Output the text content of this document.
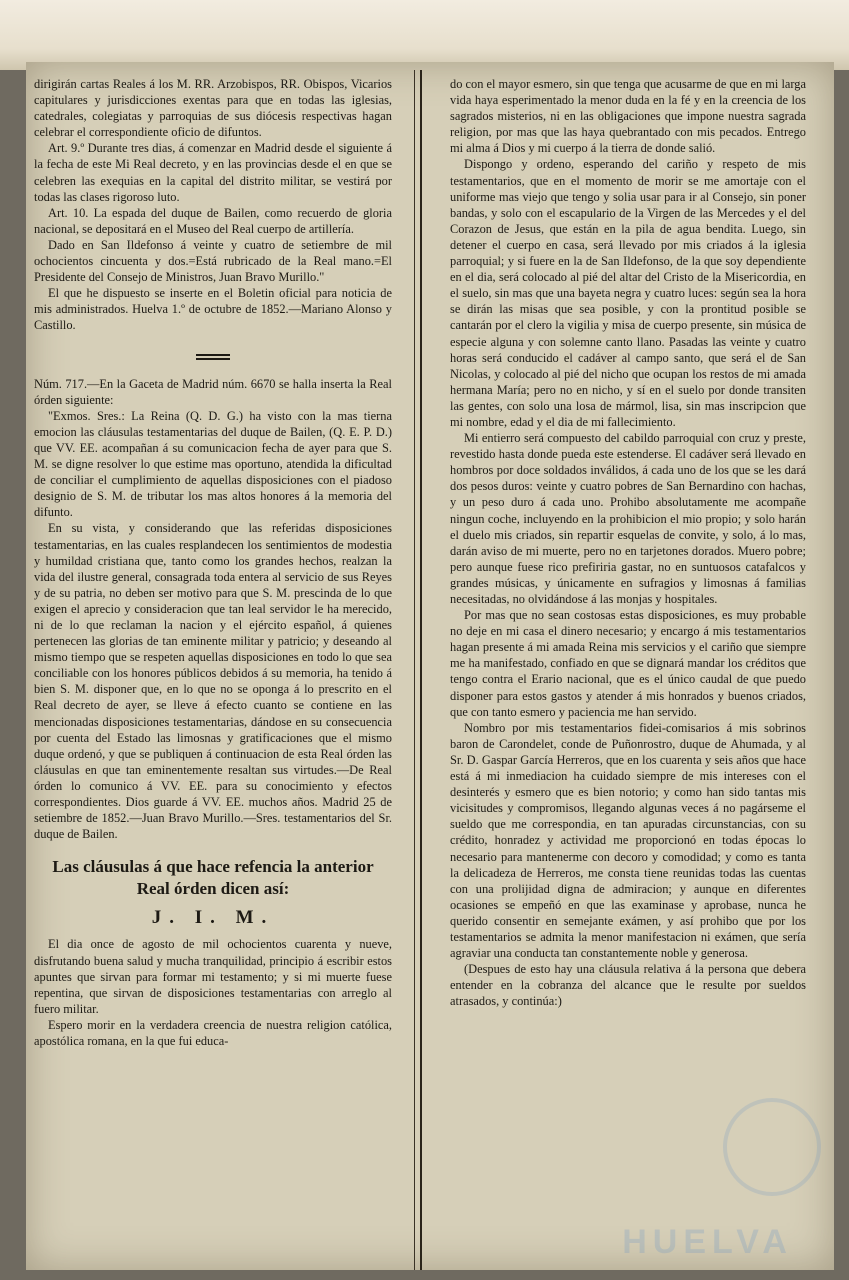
dirigirán cartas Reales á los M. RR. Arzobispos, RR. Obispos, Vicarios capitulares y jurisdicciones exentas para que en todas las iglesias, catedrales, colegiatas y parroquias de sus diócesis respectivas hagan celebrar el correspondiente oficio de difuntos.

Art. 9.º Durante tres dias, á comenzar en Madrid desde el siguiente á la fecha de este Mi Real decreto, y en las provincias desde el en que se celebren las exequias en la capital del distrito militar, se vestirá por todas las clases rigoroso luto.

Art. 10. La espada del duque de Bailen, como recuerdo de gloria nacional, se depositará en el Museo del Real cuerpo de artillería.

Dado en San Ildefonso á veinte y cuatro de setiembre de mil ochocientos cincuenta y dos.=Está rubricado de la Real mano.=El Presidente del Consejo de Ministros, Juan Bravo Murillo."

El que he dispuesto se inserte en el Boletin oficial para noticia de mis administrados. Huelva 1.º de octubre de 1852.—Mariano Alonso y Castillo.

Núm. 717.—En la Gaceta de Madrid núm. 6670 se halla inserta la Real órden siguiente:

"Exmos. Sres.: La Reina (Q. D. G.) ha visto con la mas tierna emocion las cláusulas testamentarias del duque de Bailen, (Q. E. P. D.) que VV. EE. acompañan á su comunicacion fecha de ayer para que S. M. se digne resolver lo que estime mas oportuno, atendida la dificultad de conciliar el cumplimiento de aquellas disposiciones con el piadoso designio de S. M. de tributar los mas altos honores á la memoria del difunto.

En su vista, y considerando que las referidas disposiciones testamentarias, en las cuales resplandecen los sentimientos de modestia y humildad cristiana que, tanto como los grandes hechos, realzan la vida del ilustre general, consagrada toda entera al servicio de sus Reyes y de su patria, no deben ser motivo para que S. M. prescinda de lo que exigen el aprecio y consideracion que tan leal servidor le ha merecido, ni de lo que reclaman la nacion y el ejército español, á quienes pertenecen las glorias de tan eminente militar y patricio; y deseando al mismo tiempo que se respeten aquellas disposiciones en todo lo que sea conciliable con los honores públicos debidos á su memoria, ha tenido á bien S. M. disponer que, en lo que no se oponga á lo prescrito en el Real decreto de ayer, se lleve á efecto cuanto se contiene en las mencionadas disposiciones testamentarias, dándose en su consecuencia por cuenta del Estado las limosnas y gratificaciones que el mismo duque ordenó, y que se publiquen á continuacion de esta Real órden las cláusulas en que tan eminentemente resaltan sus virtudes.—De Real órden lo comunico á VV. EE. para su conocimiento y efectos correspondientes. Dios guarde á VV. EE. muchos años. Madrid 25 de setiembre de 1852.—Juan Bravo Murillo.—Sres. testamentarios del Sr. duque de Bailen.

Las cláusulas á que hace refencia la anterior Real órden dicen así:
J. I. M.

El dia once de agosto de mil ochocientos cuarenta y nueve, disfrutando buena salud y mucha tranquilidad, principio á escribir estos apuntes que sirvan para formar mi testamento; y si mi muerte fuese repentina, que sirvan de disposiciones testamentarias con arreglo al fuero militar.

Espero morir en la verdadera creencia de nuestra religion católica, apostólica romana, en la que fui educa-

do con el mayor esmero, sin que tenga que acusarme de que en mi larga vida haya esperimentado la menor duda en la fé y en la creencia de los sagrados misterios, ni en las obligaciones que impone nuestra sagrada religion, por mas que las haya quebrantado con mis pecados. Entrego mi alma á Dios y mi cuerpo á la tierra de donde salió.

Dispongo y ordeno, esperando del cariño y respeto de mis testamentarios, que en el momento de morir se me amortaje con el uniforme mas viejo que tengo y solia usar para ir al Consejo, sin poner bandas, y solo con el escapulario de la Virgen de las Mercedes y el del Corazon de Jesus, que están en la pila de agua bendita. Luego, sin detener el cuerpo en casa, será llevado por mis criados á la iglesia parroquial; y si fuere en la de San Ildefonso, de la que soy dependiente en el dia, será colocado al pié del altar del Cristo de la Misericordia, en el suelo, sin mas que una bayeta negra y cuatro luces: según sea la hora se dirán las misas que sea posible, y con la prontitud posible se cantarán por el clero la vigilia y misa de cuerpo presente, sin música de especie alguna y con solemne canto llano. Pasadas las veinte y cuatro horas será conducido el cadáver al campo santo, que será el de San Nicolas, y colocado al pié del nicho que ocupan los restos de mi amada hermana María; pero no en nicho, y sí en el suelo por donde transiten las gentes, con solo una losa de mármol, lisa, sin mas inscripcion que mi nombre, edad y el dia de mi fallecimiento.

Mi entierro será compuesto del cabildo parroquial con cruz y preste, revestido hasta donde pueda este estenderse. El cadáver será llevado en hombros por doce soldados inválidos, á cada uno de los que se les dará dos pesos duros: veinte y cuatro pobres de San Bernardino con hachas, y un peso duro á cada uno. Prohibo absolutamente me acompañe ningun coche, incluyendo en la prohibicion el mio propio; y solo harán el duelo mis criados, sin repartir esquelas de convite, y solo, á lo mas, darán aviso de mi muerte, pero no en tarjetones dorados. Muero pobre; pero aunque fuese rico prefiriria gastar, no en suntuosos catafalcos y grandes músicas, y únicamente en sufragios y limosnas á familias necesitadas, no olvidándose á las monjas y hospitales.

Por mas que no sean costosas estas disposiciones, es muy probable no deje en mi casa el dinero necesario; y encargo á mis testamentarios hagan presente á mi amada Reina mis servicios y el cariño que siempre me ha manifestado, confiado en que se dignará mandar los créditos que tengo contra el Erario nacional, que es el único caudal de que puedo disponer para estos gastos y atender á mis honrados y buenos criados, que con tanto esmero y paciencia me han servido.

Nombro por mis testamentarios fidei-comisarios á mis sobrinos baron de Carondelet, conde de Puñonrostro, duque de Ahumada, y al Sr. D. Gaspar García Herreros, que en los cuarenta y seis años que hace está á mi inmediacion ha cuidado siempre de mis intereses con el desinterés y esmero que es bien notorio; y como han sido tantas mis vicisitudes y compromisos, llegando algunas veces á no pagárseme el sueldo que me correspondia, en tan apuradas circunstancias, con su crédito, honradez y actividad me proporcionó en todas épocas lo necesario para mantenerme con decoro y comodidad; y como es tanta la delicadeza de Herreros, me consta tiene reunidas todas las cuentas con una prolijidad digna de admiracion; y aunque en diferentes ocasiones se empeñó en que las examinase y aprobase, nunca he querido consentir en semejante exámen, y así prohibo que por los testamentarios se admita la menor manifestacion ni exámen, que sería agraviar una conducta tan constantemente noble y generosa.

(Despues de esto hay una cláusula relativa á la persona que debera entender en la cobranza del alcance que le resulte por sueldos atrasados, y continúa:)

HUELVA
